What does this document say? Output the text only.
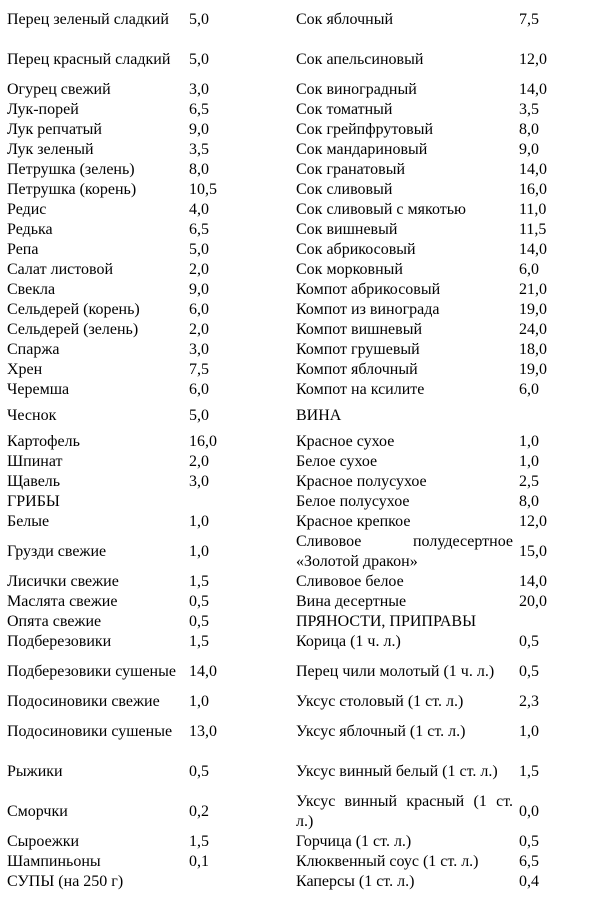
Перец зеленый сладкий	5,0	Сок яблочный	7,5
Перец красный сладкий	5,0	Сок апельсиновый	12,0
Огурец свежий	3,0	Сок виноградный	14,0
Лук-порей	6,5	Сок томатный	3,5
Лук репчатый	9,0	Сок грейпфрутовый	8,0
Лук зеленый	3,5	Сок мандариновый	9,0
Петрушка (зелень)	8,0	Сок гранатовый	14,0
Петрушка (корень)	10,5	Сок сливовый	16,0
Редис	4,0	Сок сливовый с мякотью	11,0
Редька	6,5	Сок вишневый	11,5
Репа	5,0	Сок абрикосовый	14,0
Салат листовой	2,0	Сок морковный	6,0
Свекла	9,0	Компот абрикосовый	21,0
Сельдерей (корень)	6,0	Компот из винограда	19,0
Сельдерей (зелень)	2,0	Компот вишневый	24,0
Спаржа	3,0	Компот грушевый	18,0
Хрен	7,5	Компот яблочный	19,0
Черемша	6,0	Компот на ксилите	6,0
Чеснок	5,0	ВИНА	
Картофель	16,0	Красное сухое	1,0
Шпинат	2,0	Белое сухое	1,0
Щавель	3,0	Красное полусухое	2,5
ГРИБЫ		Белое полусухое	8,0
Белые	1,0	Красное крепкое	12,0
Грузди свежие	1,0	Сливовое полудесертное «Золотой дракон»	15,0
Лисички свежие	1,5	Сливовое белое	14,0
Маслята свежие	0,5	Вина десертные	20,0
Опята свежие	0,5	ПРЯНОСТИ, ПРИПРАВЫ	
Подберезовики	1,5	Корица (1 ч. л.)	0,5
Подберезовики сушеные	14,0	Перец чили молотый (1 ч. л.)	0,5
Подосиновики свежие	1,0	Уксус столовый (1 ст. л.)	2,3
Подосиновики сушеные	13,0	Уксус яблочный (1 ст. л.)	1,0
Рыжики	0,5	Уксус винный белый (1 ст. л.)	1,5
Сморчки	0,2	Уксус винный красный (1 ст. л.)	0,0
Сыроежки	1,5	Горчица (1 ст. л.)	0,5
Шампиньоны	0,1	Клюквенный соус (1 ст. л.)	6,5
СУПЫ (на 250 г)		Каперсы (1 ст. л.)	0,4
